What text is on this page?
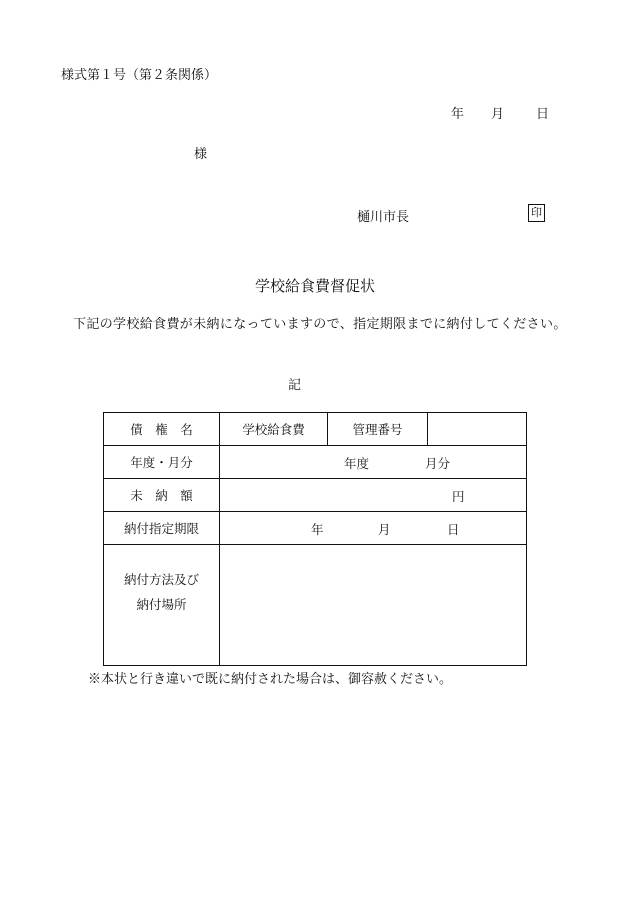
様式第１号（第２条関係）
年 月 日
様
樋川市長	印
学校給食費督促状
下記の学校給食費が未納になっていますので、指定期限までに納付してください。
記
債　権　名	学校給食費	管理番号	
年度・月分	年度 月分		

未　納　額	円		

納付指定期限	年 月 日		

納付方法及び
納付場所			

※本状と行き違いで既に納付された場合は、御容赦ください。
